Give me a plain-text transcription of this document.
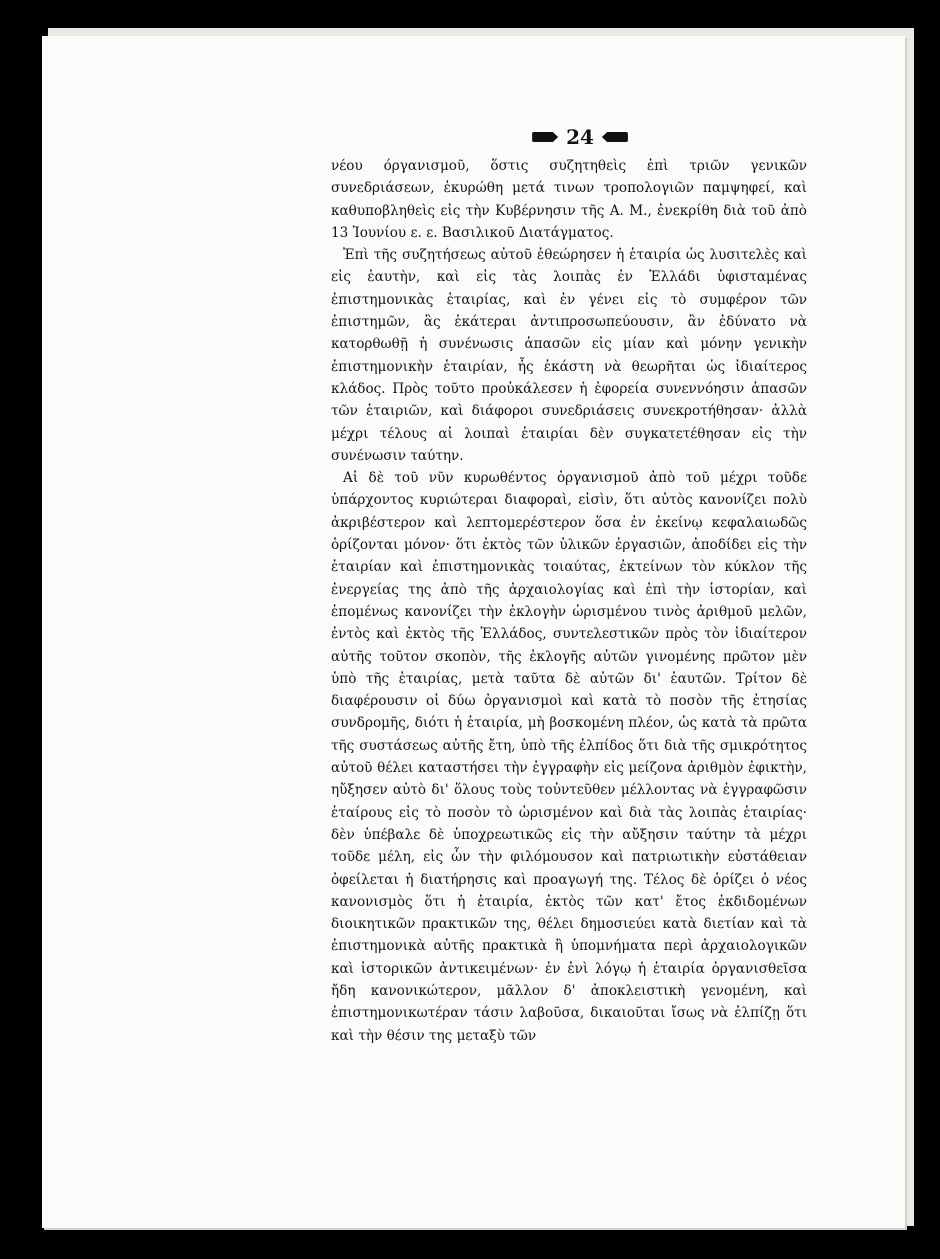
24

νέου όργανισμοῦ, ὅστις συζητηθεὶς ἐπὶ τριῶν γενικῶν συνεδριάσεων, ἐκυρώθη μετά τινων τροπολογιῶν παμψηφεί, καὶ καθυποβληθεὶς εἰς τὴν Κυβέρνησιν τῆς Α. Μ., ἐνεκρίθη διὰ τοῦ ἀπὸ 13 Ἰουνίου ε. ε. Βασιλικοῦ Διατάγματος.

Ἐπὶ τῆς συζητήσεως αὐτοῦ ἐθεώρησεν ἡ ἑταιρία ὡς λυσιτελὲς καὶ εἰς ἑαυτὴν, καὶ εἰς τὰς λοιπὰς ἐν Ἑλλάδι ὑφισταμένας ἐπιστημονικὰς ἑταιρίας, καὶ ἐν γένει εἰς τὸ συμφέρον τῶν ἐπιστημῶν, ἃς ἑκάτεραι ἀντιπροσωπεύουσιν, ἂν ἐδύνατο νὰ κατορθωθῇ ἡ συνένωσις ἁπασῶν εἰς μίαν καὶ μόνην γενικὴν ἐπιστημονικὴν ἑταιρίαν, ἧς ἑκάστη νὰ θεωρῆται ὡς ἰδιαίτερος κλάδος. Πρὸς τοῦτο προὐκάλεσεν ἡ ἐφορεία συνεννόησιν ἁπασῶν τῶν ἑταιριῶν, καὶ διάφοροι συνεδριάσεις συνεκροτήθησαν· ἀλλὰ μέχρι τέλους αἱ λοιπαὶ ἑταιρίαι δὲν συγκατετέθησαν εἰς τὴν συνένωσιν ταύτην.

Αἱ δὲ τοῦ νῦν κυρωθέντος ὀργανισμοῦ ἀπὸ τοῦ μέχρι τοῦδε ὑπάρχοντος κυριώτεραι διαφοραὶ, εἰσὶν, ὅτι αὐτὸς κανονίζει πολὺ ἀκριβέστερον καὶ λεπτομερέστερον ὅσα ἐν ἐκείνῳ κεφαλαιωδῶς ὁρίζονται μόνον· ὅτι ἐκτὸς τῶν ὑλικῶν ἐργασιῶν, ἀποδίδει εἰς τὴν ἑταιρίαν καὶ ἐπιστημονικὰς τοιαύτας, ἐκτείνων τὸν κύκλον τῆς ἐνεργείας της ἀπὸ τῆς ἀρχαιολογίας καὶ ἐπὶ τὴν ἱστορίαν, καὶ ἑπομένως κανονίζει τὴν ἐκλογὴν ὡρισμένου τινὸς ἀριθμοῦ μελῶν, ἐντὸς καὶ ἐκτὸς τῆς Ἑλλάδος, συντελεστικῶν πρὸς τὸν ἰδιαίτερον αὐτῆς τοῦτον σκοπὸν, τῆς ἐκλογῆς αὐτῶν γινομένης πρῶτον μὲν ὑπὸ τῆς ἑταιρίας, μετὰ ταῦτα δὲ αὐτῶν δι' ἑαυτῶν. Τρίτον δὲ διαφέρουσιν οἱ δύω ὀργανισμοὶ καὶ κατὰ τὸ ποσὸν τῆς ἐτησίας συνδρομῆς, διότι ἡ ἑταιρία, μὴ βοσκομένη πλέον, ὡς κατὰ τὰ πρῶτα τῆς συστάσεως αὐτῆς ἔτη, ὑπὸ τῆς ἐλπίδος ὅτι διὰ τῆς σμικρότητος αὐτοῦ θέλει καταστήσει τὴν ἐγγραφὴν εἰς μείζονα ἀριθμὸν ἐφικτὴν, ηὔξησεν αὐτὸ δι' ὅλους τοὺς τοὐντεῦθεν μέλλοντας νὰ ἐγγραφῶσιν ἑταίρους εἰς τὸ ποσὸν τὸ ὡρισμένον καὶ διὰ τὰς λοιπὰς ἑταιρίας· δὲν ὑπέβαλε δὲ ὑποχρεωτικῶς εἰς τὴν αὔξησιν ταύτην τὰ μέχρι τοῦδε μέλη, εἰς ὧν τὴν φιλόμουσον καὶ πατριωτικὴν εὐστάθειαν ὀφείλεται ἡ διατήρησις καὶ προαγωγή της. Τέλος δὲ ὁρίζει ὁ νέος κανονισμὸς ὅτι ἡ ἑταιρία, ἐκτὸς τῶν κατ' ἔτος ἐκδιδομένων διοικητικῶν πρακτικῶν της, θέλει δημοσιεύει κατὰ διετίαν καὶ τὰ ἐπιστημονικὰ αὐτῆς πρακτικὰ ἢ ὑπομνήματα περὶ ἀρχαιολογικῶν καὶ ἱστορικῶν ἀντικειμένων· ἐν ἑνὶ λόγῳ ἡ ἑταιρία ὀργανισθεῖσα ἤδη κανονικώτερον, μᾶλλον δ' ἀποκλειστικὴ γενομένη, καὶ ἐπιστημονικωτέραν τάσιν λαβοῦσα, δικαιοῦται ἴσως νὰ ἐλπίζῃ ὅτι καὶ τὴν θέσιν της μεταξὺ τῶν
